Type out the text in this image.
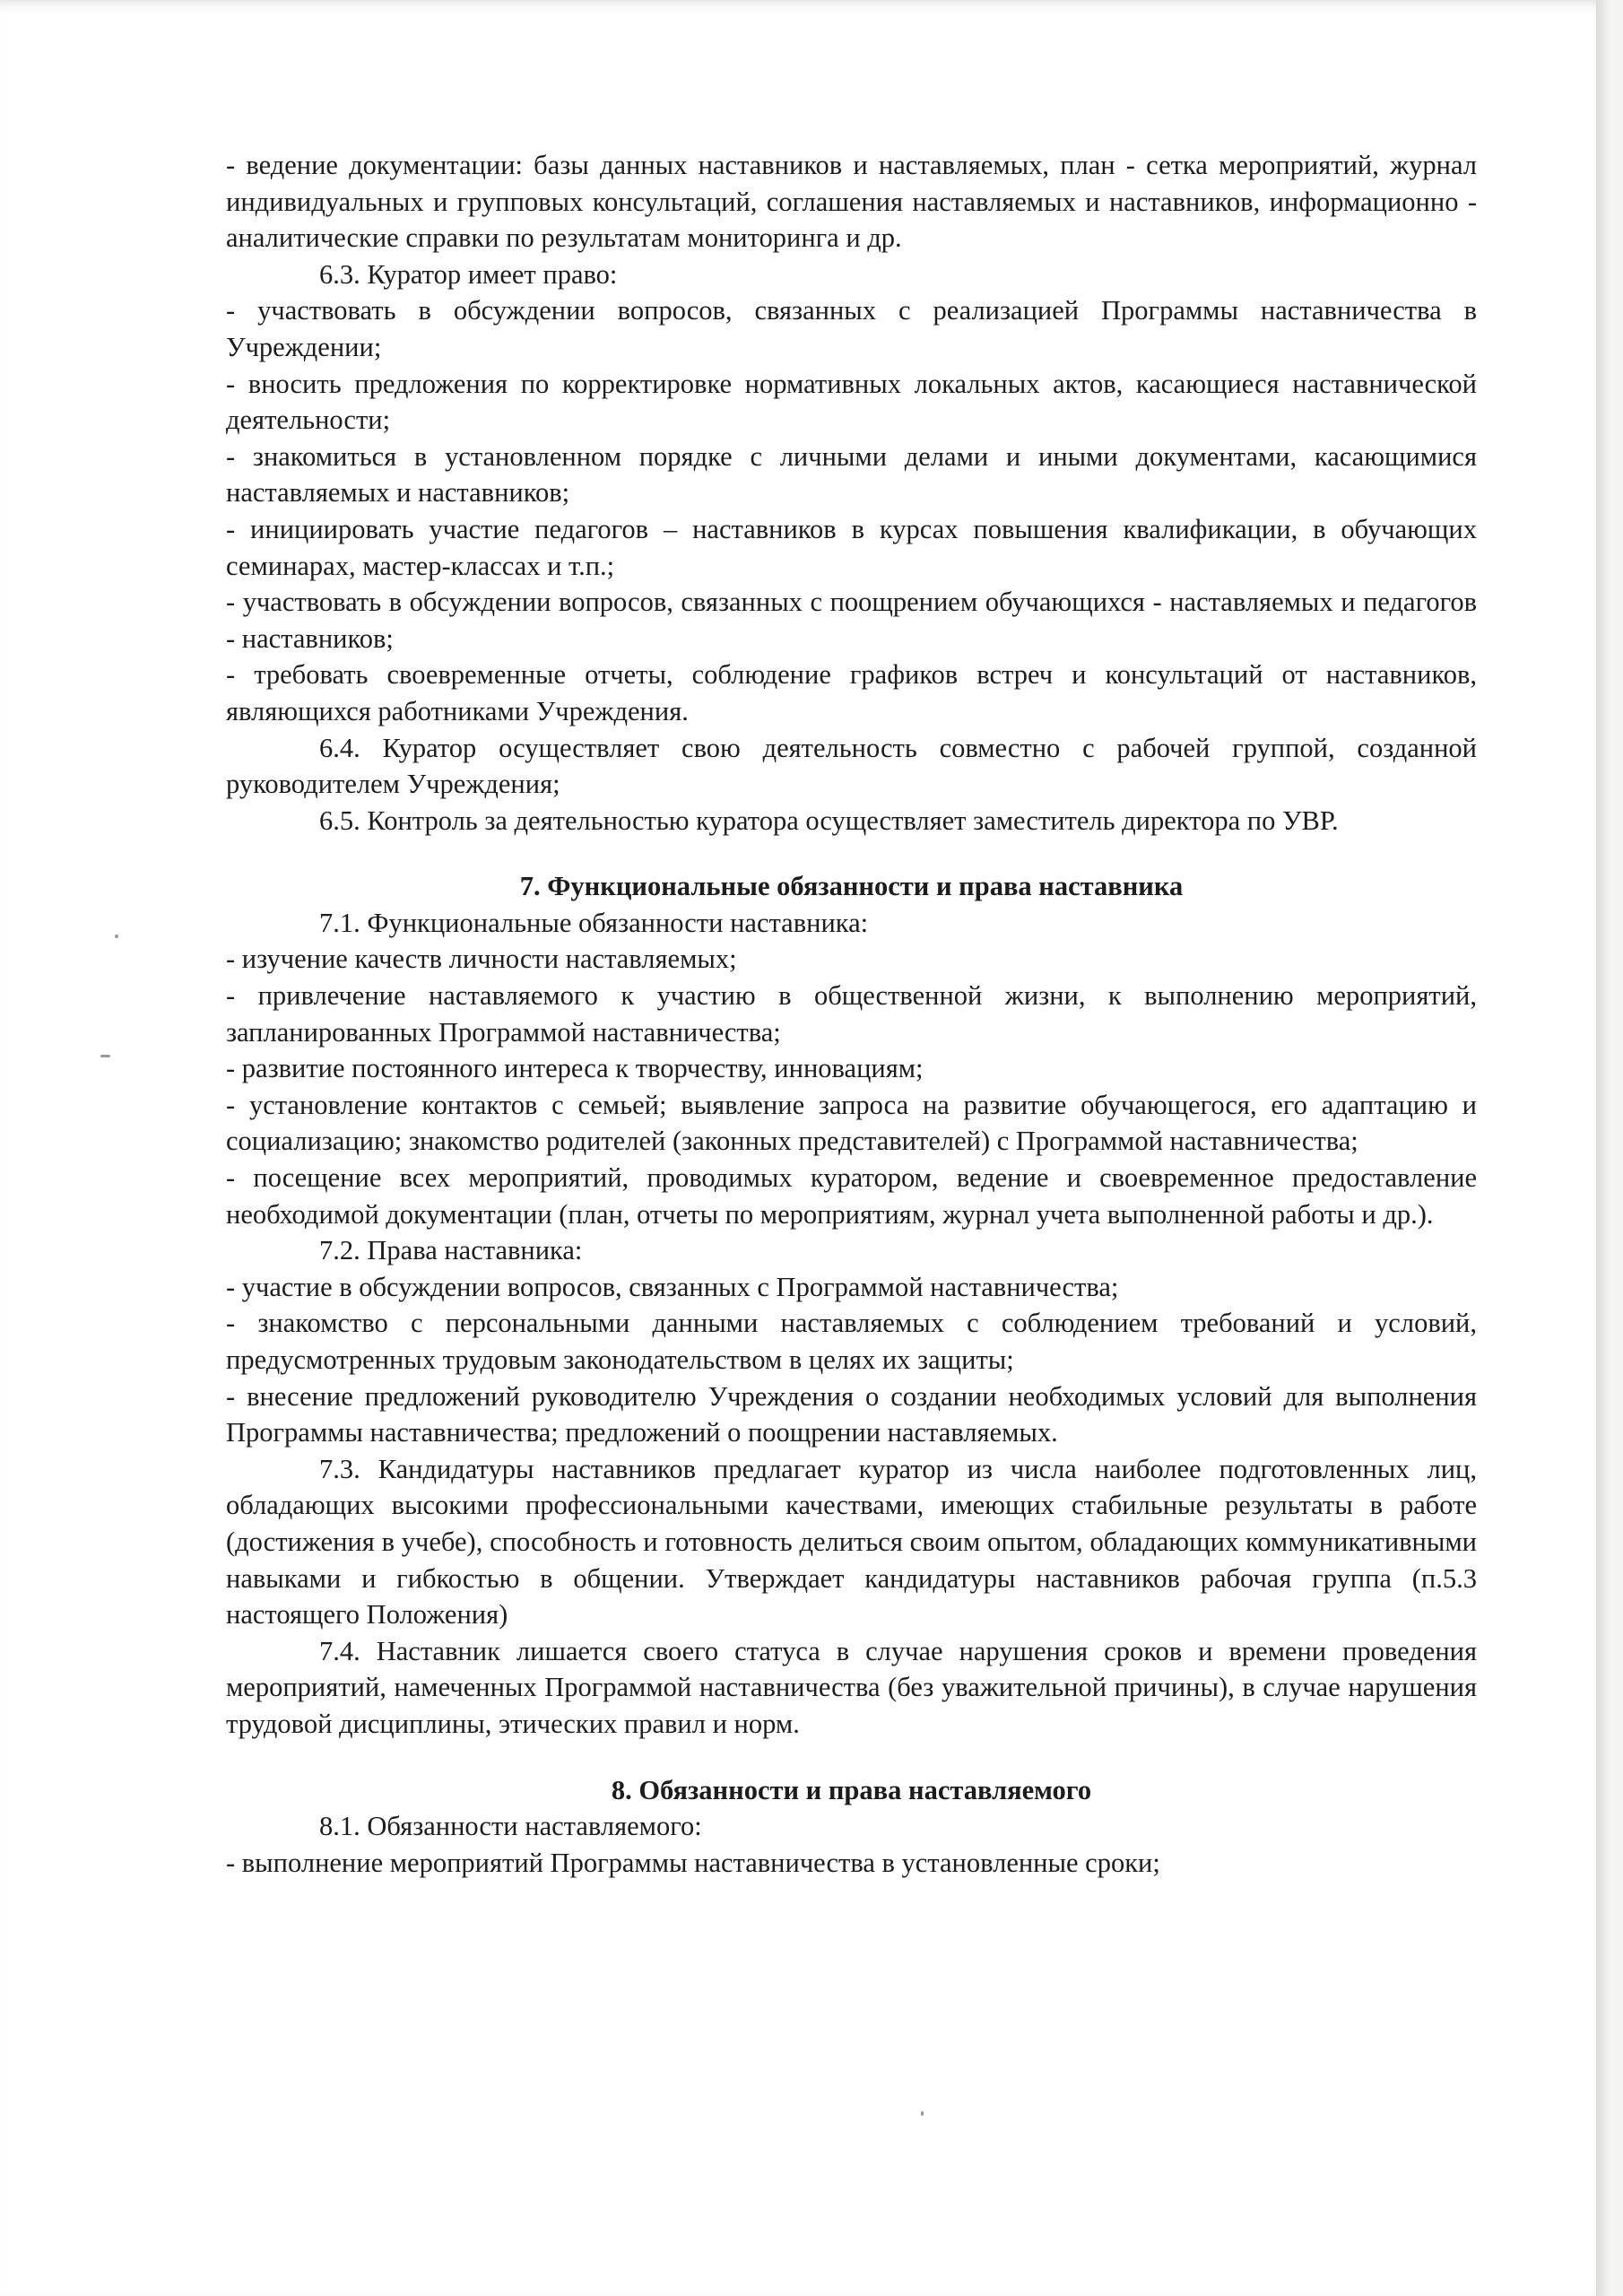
- ведение документации: базы данных наставников и наставляемых, план - сетка мероприятий, журнал индивидуальных и групповых консультаций, соглашения наставляемых и наставников, информационно - аналитические справки по результатам мониторинга и др.

6.3. Куратор имеет право:

- участвовать в обсуждении вопросов, связанных с реализацией Программы наставничества в Учреждении;

- вносить предложения по корректировке нормативных локальных актов, касающиеся наставнической деятельности;

- знакомиться в установленном порядке с личными делами и иными документами, касающимися наставляемых и наставников;

- инициировать участие педагогов – наставников в курсах повышения квалификации, в обучающих семинарах, мастер-классах и т.п.;

- участвовать в обсуждении вопросов, связанных с поощрением обучающихся - наставляемых и педагогов - наставников;

- требовать своевременные отчеты, соблюдение графиков встреч и консультаций от наставников, являющихся работниками Учреждения.

6.4. Куратор осуществляет свою деятельность совместно с рабочей группой, созданной руководителем Учреждения;

6.5. Контроль за деятельностью куратора осуществляет заместитель директора по УВР.

7. Функциональные обязанности и права наставника

7.1. Функциональные обязанности наставника:

- изучение качеств личности наставляемых;

- привлечение наставляемого к участию в общественной жизни, к выполнению мероприятий, запланированных Программой наставничества;

- развитие постоянного интереса к творчеству, инновациям;

- установление контактов с семьей; выявление запроса на развитие обучающегося, его адаптацию и социализацию; знакомство родителей (законных представителей) с Программой наставничества;

- посещение всех мероприятий, проводимых куратором, ведение и своевременное предоставление необходимой документации (план, отчеты по мероприятиям, журнал учета выполненной работы и др.).

7.2. Права наставника:

- участие в обсуждении вопросов, связанных с Программой наставничества;

- знакомство с персональными данными наставляемых с соблюдением требований и условий, предусмотренных трудовым законодательством в целях их защиты;

- внесение предложений руководителю Учреждения о создании необходимых условий для выполнения Программы наставничества; предложений о поощрении наставляемых.

7.3. Кандидатуры наставников предлагает куратор из числа наиболее подготовленных лиц, обладающих высокими профессиональными качествами, имеющих стабильные результаты в работе (достижения в учебе), способность и готовность делиться своим опытом, обладающих коммуникативными навыками и гибкостью в общении. Утверждает кандидатуры наставников рабочая группа (п.5.3 настоящего Положения)

7.4. Наставник лишается своего статуса в случае нарушения сроков и времени проведения мероприятий, намеченных Программой наставничества (без уважительной причины), в случае нарушения трудовой дисциплины, этических правил и норм.

8. Обязанности и права наставляемого

8.1. Обязанности наставляемого:

- выполнение мероприятий Программы наставничества в установленные сроки;
